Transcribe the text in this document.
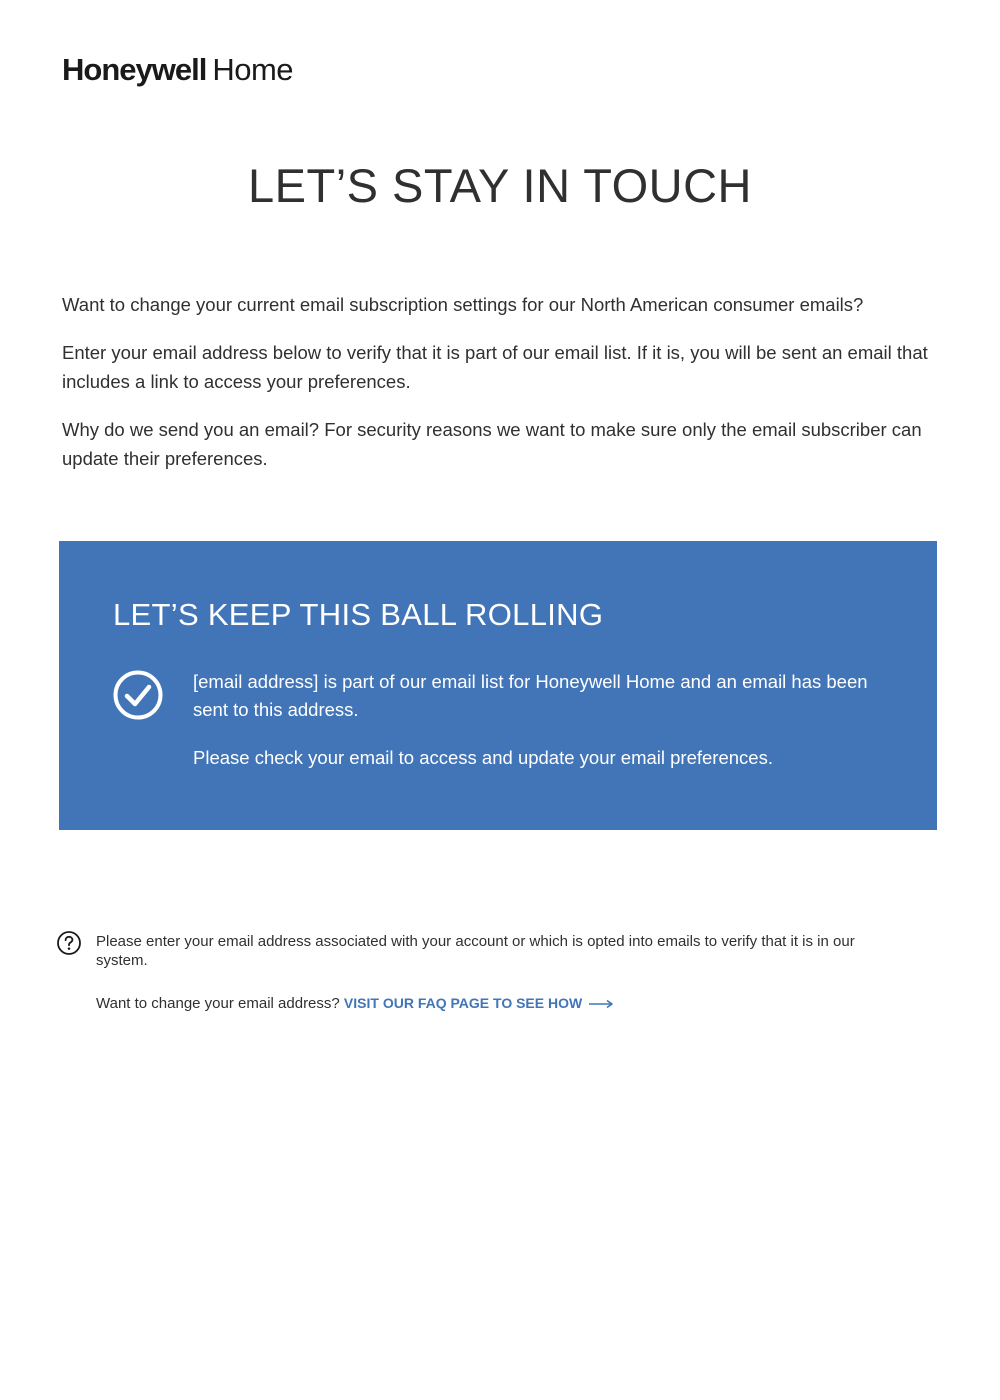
Honeywell Home
LET’S STAY IN TOUCH

Want to change your current email subscription settings for our North American consumer emails?

Enter your email address below to verify that it is part of our email list. If it is, you will be sent an email that includes a link to access your preferences.

Why do we send you an email? For security reasons we want to make sure only the email subscriber can update their preferences.

LET’S KEEP THIS BALL ROLLING

[email address] is part of our email list for Honeywell Home and an email has been sent to this address.

Please check your email to access and update your email preferences.

Please enter your email address associated with your account or which is opted into emails to verify that it is in our system.

Want to change your email address? VISIT OUR FAQ PAGE TO SEE HOW
